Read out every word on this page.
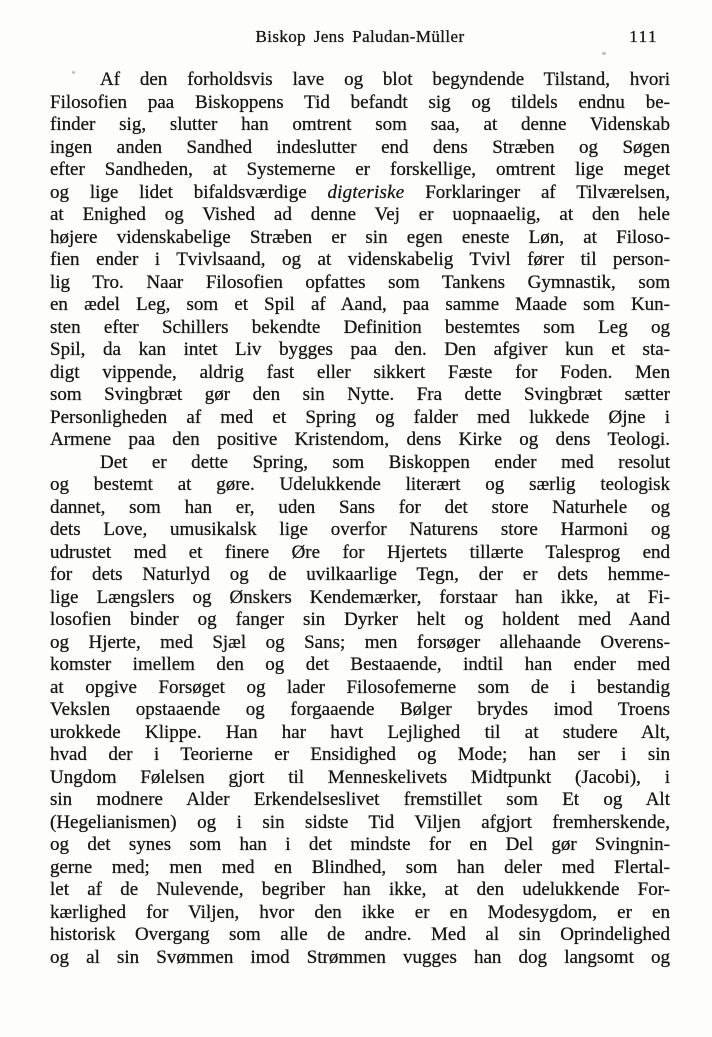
Biskop Jens Paludan-Müller	111
Af den forholdsvis lave og blot begyndende Tilstand, hvori
Filosofien paa Biskoppens Tid befandt sig og tildels endnu be-
finder sig, slutter han omtrent som saa, at denne Videnskab
ingen anden Sandhed indeslutter end dens Stræben og Søgen
efter Sandheden, at Systemerne er forskellige, omtrent lige meget
og lige lidet bifaldsværdige digteriske Forklaringer af Tilværelsen,
at Enighed og Vished ad denne Vej er uopnaaelig, at den hele
højere videnskabelige Stræben er sin egen eneste Løn, at Filoso-
fien ender i Tvivlsaand, og at videnskabelig Tvivl fører til person-
lig Tro. Naar Filosofien opfattes som Tankens Gymnastik, som
en ædel Leg, som et Spil af Aand, paa samme Maade som Kun-
sten efter Schillers bekendte Definition bestemtes som Leg og
Spil, da kan intet Liv bygges paa den. Den afgiver kun et sta-
digt vippende, aldrig fast eller sikkert Fæste for Foden. Men
som Svingbræt gør den sin Nytte. Fra dette Svingbræt sætter
Personligheden af med et Spring og falder med lukkede Øjne i
Armene paa den positive Kristendom, dens Kirke og dens Teologi.
Det er dette Spring, som Biskoppen ender med resolut
og bestemt at gøre. Udelukkende literært og særlig teologisk
dannet, som han er, uden Sans for det store Naturhele og
dets Love, umusikalsk lige overfor Naturens store Harmoni og
udrustet med et finere Øre for Hjertets tillærte Talesprog end
for dets Naturlyd og de uvilkaarlige Tegn, der er dets hemme-
lige Længslers og Ønskers Kendemærker, forstaar han ikke, at Fi-
losofien binder og fanger sin Dyrker helt og holdent med Aand
og Hjerte, med Sjæl og Sans; men forsøger allehaande Overens-
komster imellem den og det Bestaaende, indtil han ender med
at opgive Forsøget og lader Filosofemerne som de i bestandig
Vekslen opstaaende og forgaaende Bølger brydes imod Troens
urokkede Klippe. Han har havt Lejlighed til at studere Alt,
hvad der i Teorierne er Ensidighed og Mode; han ser i sin
Ungdom Følelsen gjort til Menneskelivets Midtpunkt (Jacobi), i
sin modnere Alder Erkendelseslivet fremstillet som Et og Alt
(Hegelianismen) og i sin sidste Tid Viljen afgjort fremherskende,
og det synes som han i det mindste for en Del gør Svingnin-
gerne med; men med en Blindhed, som han deler med Flertal-
let af de Nulevende, begriber han ikke, at den udelukkende For-
kærlighed for Viljen, hvor den ikke er en Modesygdom, er en
historisk Overgang som alle de andre. Med al sin Oprindelighed
og al sin Svømmen imod Strømmen vugges han dog langsomt og
